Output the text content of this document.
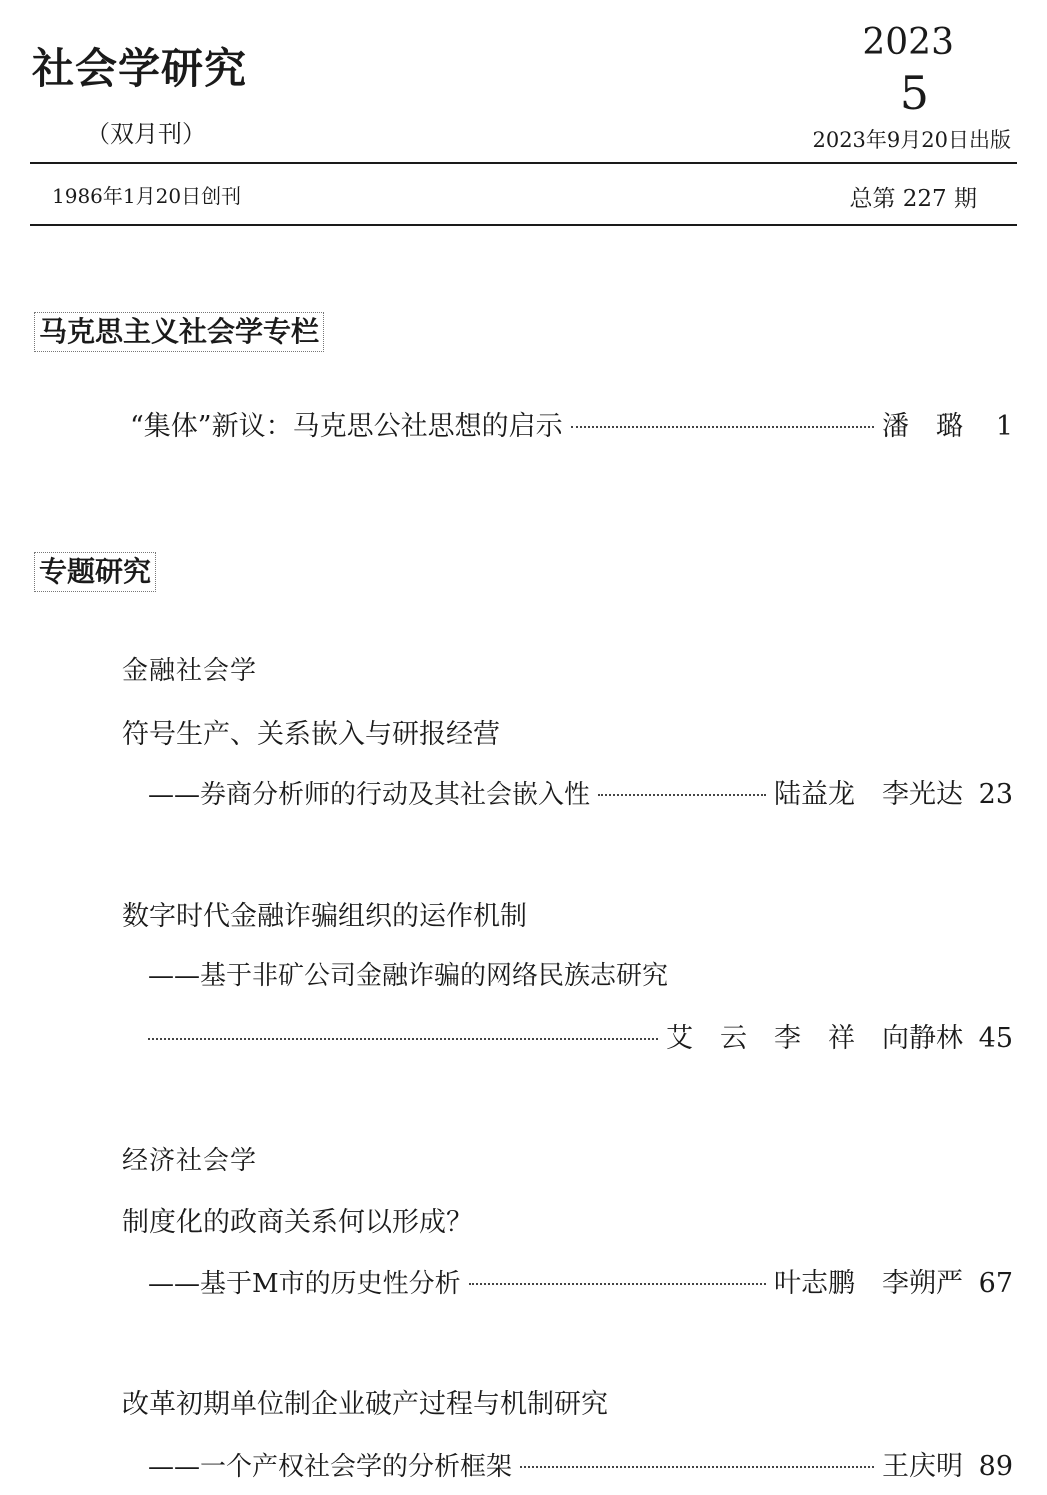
社会学研究
（双月刊）
2023
5
2023年9月20日出版
1986年1月20日创刊	总第 227 期
马克思主义社会学专栏
“集体”新议：马克思公社思想的启示	潘　璐	1
专题研究
金融社会学
符号生产、关系嵌入与研报经营
——券商分析师的行动及其社会嵌入性	陆益龙　李光达 23
数字时代金融诈骗组织的运作机制
——基于非矿公司金融诈骗的网络民族志研究
艾　云　李　祥　向静林 45
经济社会学
制度化的政商关系何以形成？
——基于M市的历史性分析	叶志鹏　李朔严 67
改革初期单位制企业破产过程与机制研究
——一个产权社会学的分析框架	王庆明 89
